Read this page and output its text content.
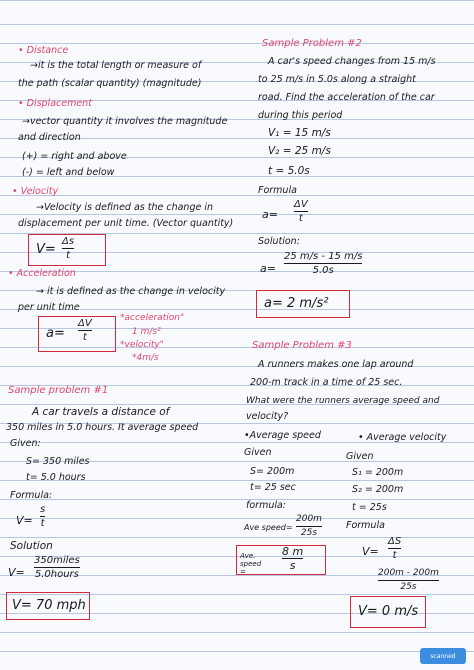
• Distance
→it is the total length or measure of
the path (scalar quantity) (magnitude)
• Displacement
→vector quantity it involves the magnitude
and direction
(+) = right and above
(-) = left and below
• Velocity
→Velocity is defined as the change in
displacement per unit time. (Vector quantity)
V=
Δs
t
• Acceleration
→ it is defined as the change in velocity
per unit time
a=
ΔV
t
*acceleration"
1 m/s²
*velocity"
*4m/s
Sample problem #1
A car travels a distance of
350 miles in 5.0 hours. It average speed
Given:
S= 350 miles
t= 5.0 hours
Formula:
V=
s
t
Solution
V=
350miles
5.0hours
V= 70 mph
Sample Problem #2
A car's speed changes from 15 m/s
to 25 m/s in 5.0s along a straight
road. Find the acceleration of the car
during this period
V₁ = 15 m/s
V₂ = 25 m/s
t = 5.0s
Formula
a=
ΔV
t
Solution:
a=
25 m/s - 15 m/s
5.0s
a= 2 m/s²
Sample Problem #3
A runners makes one lap around
200-m track in a time of 25 sec.
What were the runners average speed and
velocity?
•Average speed
Given
S= 200m
t= 25 sec
formula:
Ave speed=
200m
25s
Ave. speed =
8 m
s
• Average velocity
Given
S₁ = 200m
S₂ = 200m
t = 25s
Formula
V=
ΔS
t
200m - 200m
25s
V= 0 m/s
scanned
